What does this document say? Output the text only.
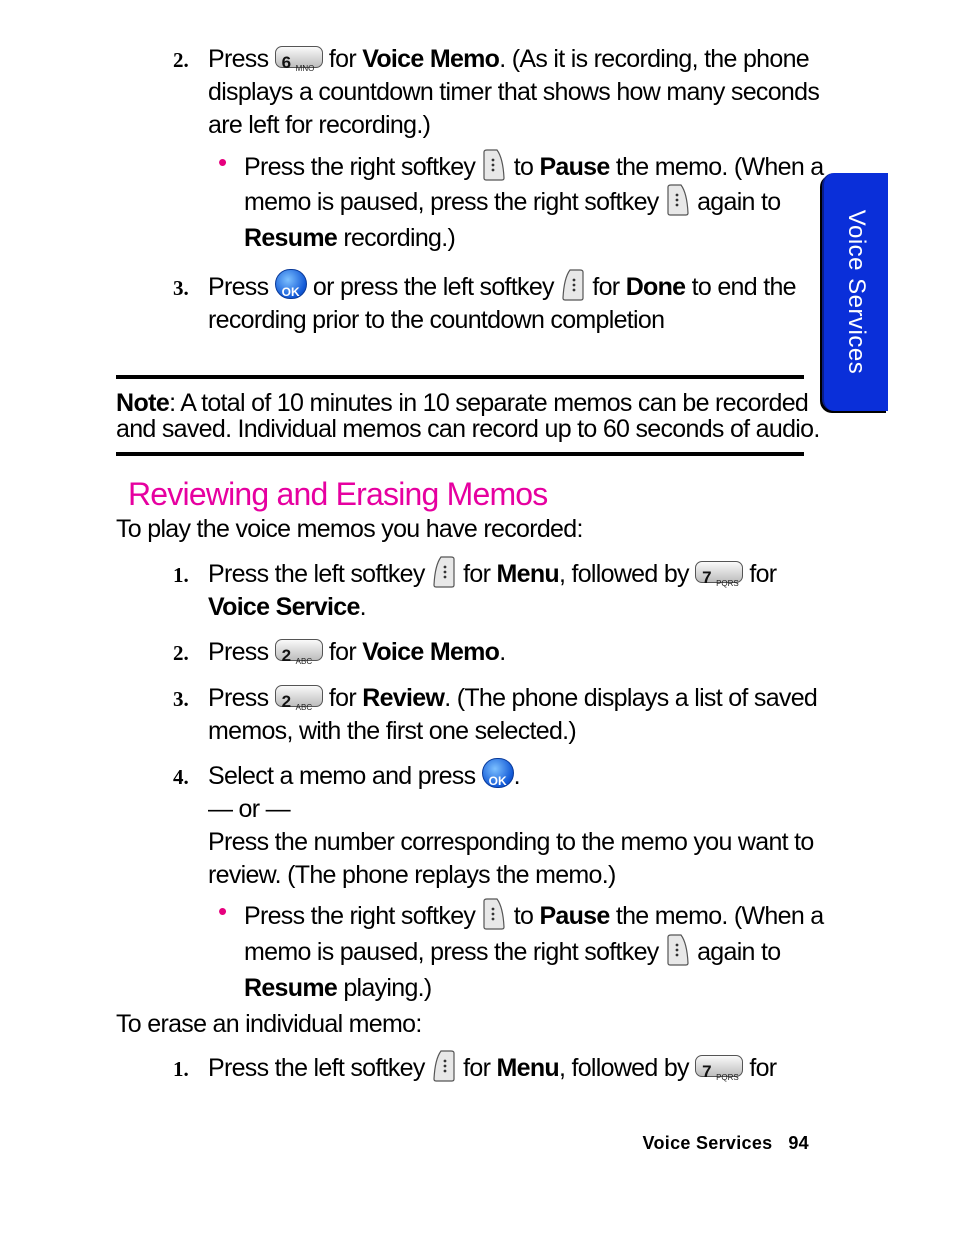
Voice Services
2. Press 6 MNO for Voice Memo. (As it is recording, the phone
displays a countdown timer that shows how many seconds
are left for recording.)
• Press the right softkey to Pause the memo. (When a
memo is paused, press the right softkey again to
Resume recording.)
3. Press OK or press the left softkey for Done to end the
recording prior to the countdown completion
Note: A total of 10 minutes in 10 separate memos can be recorded
and saved. Individual memos can record up to 60 seconds of audio.
Reviewing and Erasing Memos
To play the voice memos you have recorded:
1. Press the left softkey for Menu, followed by 7 PQRS for
Voice Service.
2. Press 2 ABC for Voice Memo.
3. Press 2 ABC for Review. (The phone displays a list of saved
memos, with the first one selected.)
4. Select a memo and press OK .
— or —
Press the number corresponding to the memo you want to
review. (The phone replays the memo.)
• Press the right softkey to Pause the memo. (When a
memo is paused, press the right softkey again to
Resume playing.)
To erase an individual memo:
1. Press the left softkey for Menu, followed by 7 PQRS for
Voice Services 94
